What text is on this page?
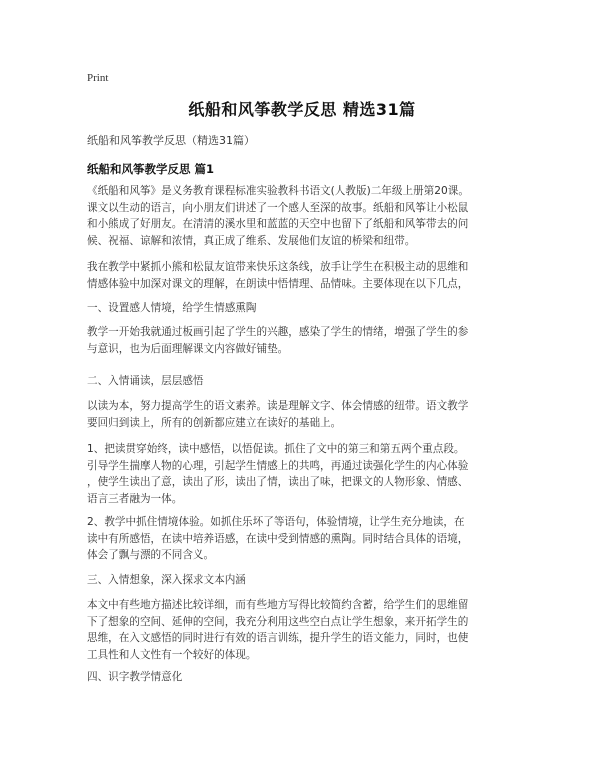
Print
纸船和风筝教学反思 精选31篇
纸船和风筝教学反思（精选31篇）
纸船和风筝教学反思 篇1
《纸船和风筝》是义务教育课程标准实验教科书语文(人教版)二年级上册第20课。
课文以生动的语言，向小朋友们讲述了一个感人至深的故事。纸船和风筝让小松鼠
和小熊成了好朋友。在清清的溪水里和蓝蓝的天空中也留下了纸船和风筝带去的问
候、祝福、谅解和浓情，真正成了维系、发展他们友谊的桥梁和纽带。
我在教学中紧抓小熊和松鼠友谊带来快乐这条线，放手让学生在积极主动的思维和
情感体验中加深对课文的理解，在朗读中悟情理、品情味。主要体现在以下几点，
一、设置感人情境，给学生情感熏陶
教学一开始我就通过板画引起了学生的兴趣，感染了学生的情绪，增强了学生的参
与意识，也为后面理解课文内容做好铺垫。
二、入情诵读，层层感悟
以读为本，努力提高学生的语文素养。读是理解文字、体会情感的纽带。语文教学
要回归到读上，所有的创新都应建立在读好的基础上。
1、把读贯穿始终，读中感悟，以悟促读。抓住了文中的第三和第五两个重点段。
引导学生揣摩人物的心理，引起学生情感上的共鸣，再通过读强化学生的内心体验
，使学生读出了意，读出了形，读出了情，读出了味，把课文的人物形象、情感、
语言三者融为一体。
2、教学中抓住情境体验。如抓住乐坏了等语句，体验情境，让学生充分地读，在
读中有所感悟，在读中培养语感，在读中受到情感的熏陶。同时结合具体的语境，
体会了飘与漂的不同含义。
三、入情想象，深入探求文本内涵
本文中有些地方描述比较详细，而有些地方写得比较简约含蓄，给学生们的思维留
下了想象的空间、延伸的空间，我充分利用这些空白点让学生想象，来开拓学生的
思维，在入文感悟的同时进行有效的语言训练，提升学生的语文能力，同时，也使
工具性和人文性有一个较好的体现。
四、识字教学情意化
